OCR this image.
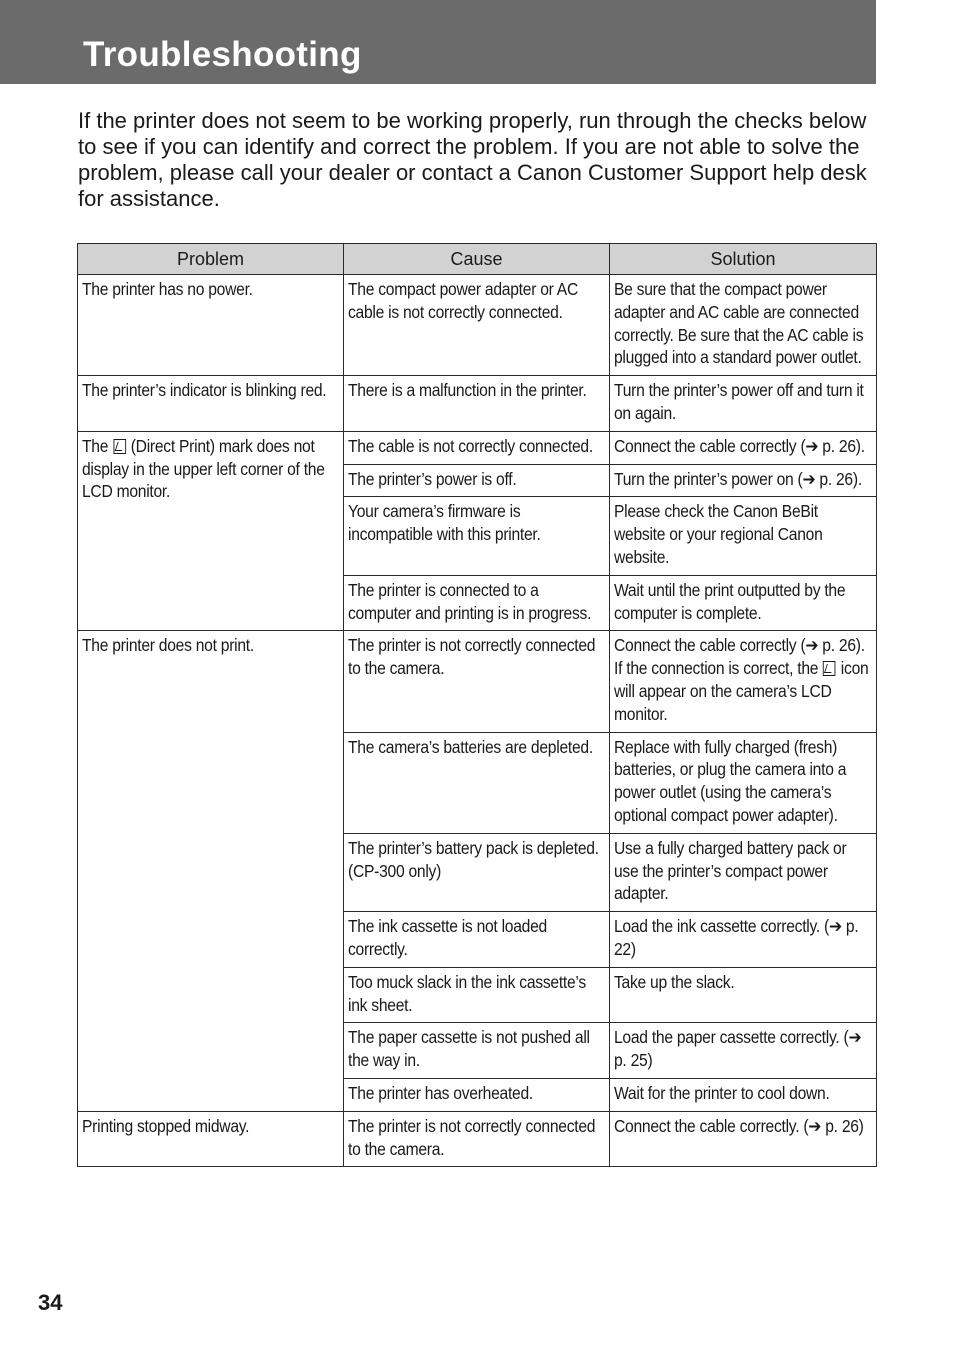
Troubleshooting

If the printer does not seem to be working properly, run through the checks below to see if you can identify and correct the problem. If you are not able to solve the problem, please call your dealer or contact a Canon Customer Support help desk for assistance.

Problem	Cause	Solution

The printer has no power.	The compact power adapter or AC cable is not correctly connected.	Be sure that the compact power adapter and AC cable are connected correctly. Be sure that the AC cable is plugged into a standard power outlet.

The printer’s indicator is blinking red.	There is a malfunction in the printer.	Turn the printer’s power off and turn it on again.

The  (Direct Print) mark does not display in the upper left corner of the LCD monitor.	The cable is not correctly connected.	Connect the cable correctly (➔ p. 26).

	The printer’s power is off.	Turn the printer’s power on (➔ p. 26).

	Your camera’s firmware is incompatible with this printer.	Please check the Canon BeBit website or your regional Canon website.

	The printer is connected to a computer and printing is in progress.	Wait until the print outputted by the computer is complete.

The printer does not print.	The printer is not correctly connected to the camera.	Connect the cable correctly (➔ p. 26). If the connection is correct, the  icon will appear on the camera’s LCD monitor.

	The camera’s batteries are depleted.	Replace with fully charged (fresh) batteries, or plug the camera into a power outlet (using the camera’s optional compact power adapter).

	The printer’s battery pack is depleted. (CP-300 only)	Use a fully charged battery pack or use the printer’s compact power adapter.

	The ink cassette is not loaded correctly.	Load the ink cassette correctly. (➔ p. 22)

	Too muck slack in the ink cassette’s ink sheet.	Take up the slack.

	The paper cassette is not pushed all the way in.	Load the paper cassette correctly. (➔ p. 25)

	The printer has overheated.	Wait for the printer to cool down.

Printing stopped midway.	The printer is not correctly connected to the camera.	Connect the cable correctly. (➔ p. 26)
34
